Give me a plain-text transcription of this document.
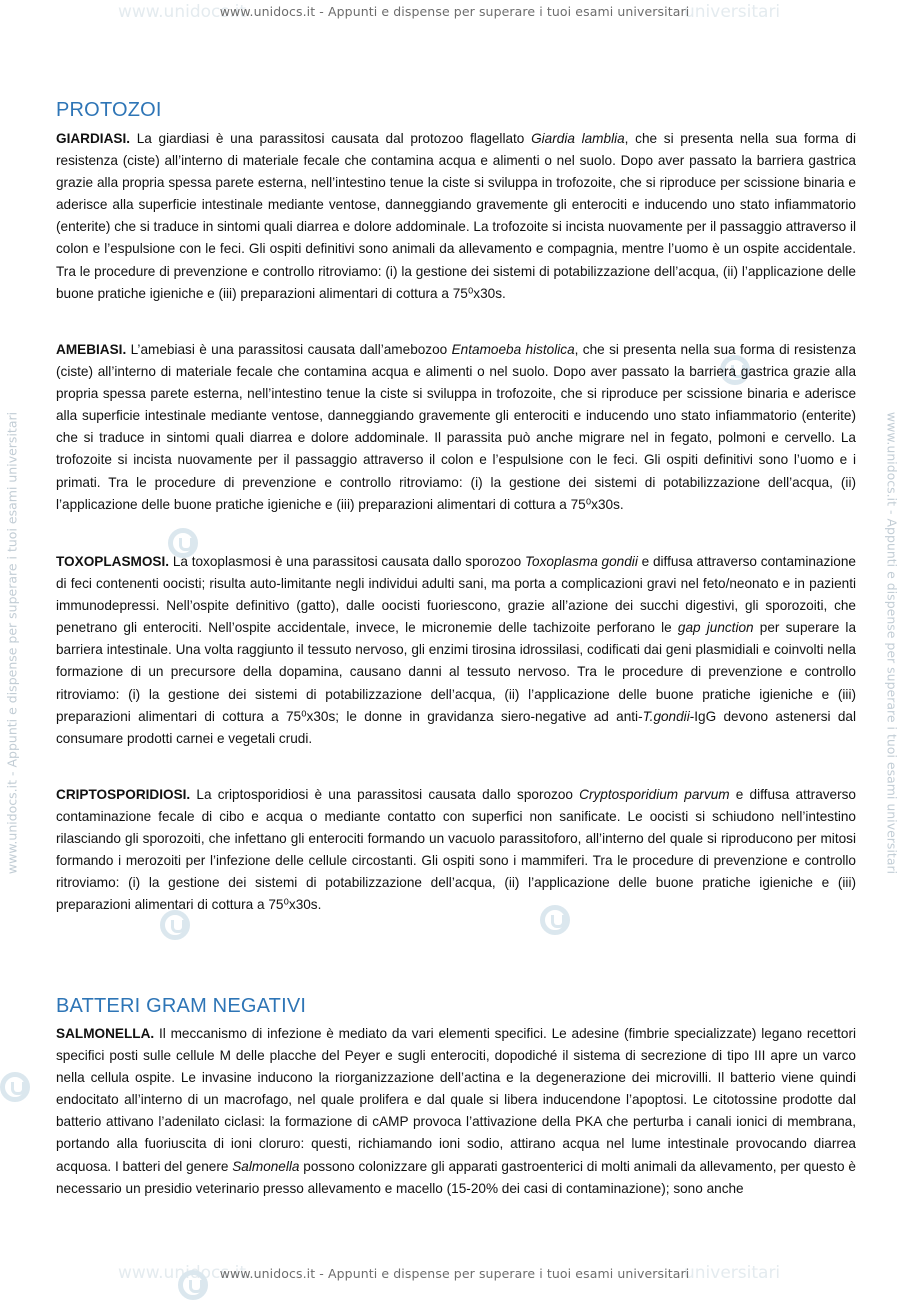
www.unidocs.it	universitari
www.unidocs.it	universitari
www.unidocs.it - Appunti e dispense per superare i tuoi esami universitari
www.unidocs.it - Appunti e dispense per superare i tuoi esami universitari
www.unidocs.it - Appunti e dispense per superare i tuoi esami universitari	www.unidocs.it - Appunti e dispense per superare i tuoi esami universitari
PROTOZOI

GIARDIASI. La giardiasi è una parassitosi causata dal protozoo flagellato Giardia lamblia, che si presenta nella sua forma di resistenza (ciste) all’interno di materiale fecale che contamina acqua e alimenti o nel suolo. Dopo aver passato la barriera gastrica grazie alla propria spessa parete esterna, nell’intestino tenue la ciste si sviluppa in trofozoite, che si riproduce per scissione binaria e aderisce alla superficie intestinale mediante ventose, danneggiando gravemente gli enterociti e inducendo uno stato infiammatorio (enterite) che si traduce in sintomi quali diarrea e dolore addominale. La trofozoite si incista nuovamente per il passaggio attraverso il colon e l’espulsione con le feci. Gli ospiti definitivi sono animali da allevamento e compagnia, mentre l’uomo è un ospite accidentale. Tra le procedure di prevenzione e controllo ritroviamo: (i) la gestione dei sistemi di potabilizzazione dell’acqua, (ii) l’applicazione delle buone pratiche igieniche e (iii) preparazioni alimentari di cottura a 75⁰x30s.

AMEBIASI. L’amebiasi è una parassitosi causata dall’amebozoo Entamoeba histolica, che si presenta nella sua forma di resistenza (ciste) all’interno di materiale fecale che contamina acqua e alimenti o nel suolo. Dopo aver passato la barriera gastrica grazie alla propria spessa parete esterna, nell’intestino tenue la ciste si sviluppa in trofozoite, che si riproduce per scissione binaria e aderisce alla superficie intestinale mediante ventose, danneggiando gravemente gli enterociti e inducendo uno stato infiammatorio (enterite) che si traduce in sintomi quali diarrea e dolore addominale. Il parassita può anche migrare nel in fegato, polmoni e cervello. La trofozoite si incista nuovamente per il passaggio attraverso il colon e l’espulsione con le feci. Gli ospiti definitivi sono l’uomo e i primati. Tra le procedure di prevenzione e controllo ritroviamo: (i) la gestione dei sistemi di potabilizzazione dell’acqua, (ii) l’applicazione delle buone pratiche igieniche e (iii) preparazioni alimentari di cottura a 75⁰x30s.

TOXOPLASMOSI. La toxoplasmosi è una parassitosi causata dallo sporozoo Toxoplasma gondii e diffusa attraverso contaminazione di feci contenenti oocisti; risulta auto-limitante negli individui adulti sani, ma porta a complicazioni gravi nel feto/neonato e in pazienti immunodepressi. Nell’ospite definitivo (gatto), dalle oocisti fuoriescono, grazie all’azione dei succhi digestivi, gli sporozoiti, che penetrano gli enterociti. Nell’ospite accidentale, invece, le micronemie delle tachizoite perforano le gap junction per superare la barriera intestinale. Una volta raggiunto il tessuto nervoso, gli enzimi tirosina idrossilasi, codificati dai geni plasmidiali e coinvolti nella formazione di un precursore della dopamina, causano danni al tessuto nervoso. Tra le procedure di prevenzione e controllo ritroviamo: (i) la gestione dei sistemi di potabilizzazione dell’acqua, (ii) l’applicazione delle buone pratiche igieniche e (iii) preparazioni alimentari di cottura a 75⁰x30s; le donne in gravidanza siero-negative ad anti-T.gondii-IgG devono astenersi dal consumare prodotti carnei e vegetali crudi.

CRIPTOSPORIDIOSI. La criptosporidiosi è una parassitosi causata dallo sporozoo Cryptosporidium parvum e diffusa attraverso contaminazione fecale di cibo e acqua o mediante contatto con superfici non sanificate. Le oocisti si schiudono nell’intestino rilasciando gli sporozoiti, che infettano gli enterociti formando un vacuolo parassitoforo, all’interno del quale si riproducono per mitosi formando i merozoiti per l’infezione delle cellule circostanti. Gli ospiti sono i mammiferi. Tra le procedure di prevenzione e controllo ritroviamo: (i) la gestione dei sistemi di potabilizzazione dell’acqua, (ii) l’applicazione delle buone pratiche igieniche e (iii) preparazioni alimentari di cottura a 75⁰x30s.

BATTERI GRAM NEGATIVI

SALMONELLA. Il meccanismo di infezione è mediato da vari elementi specifici. Le adesine (fimbrie specializzate) legano recettori specifici posti sulle cellule M delle placche del Peyer e sugli enterociti, dopodiché il sistema di secrezione di tipo III apre un varco nella cellula ospite. Le invasine inducono la riorganizzazione dell’actina e la degenerazione dei microvilli. Il batterio viene quindi endocitato all’interno di un macrofago, nel quale prolifera e dal quale si libera inducendone l’apoptosi. Le citotossine prodotte dal batterio attivano l’adenilato ciclasi: la formazione di cAMP provoca l’attivazione della PKA che perturba i canali ionici di membrana, portando alla fuoriuscita di ioni cloruro: questi, richiamando ioni sodio, attirano acqua nel lume intestinale provocando diarrea acquosa. I batteri del genere Salmonella possono colonizzare gli apparati gastroenterici di molti animali da allevamento, per questo è necessario un presidio veterinario presso allevamento e macello (15-20% dei casi di contaminazione); sono anche
